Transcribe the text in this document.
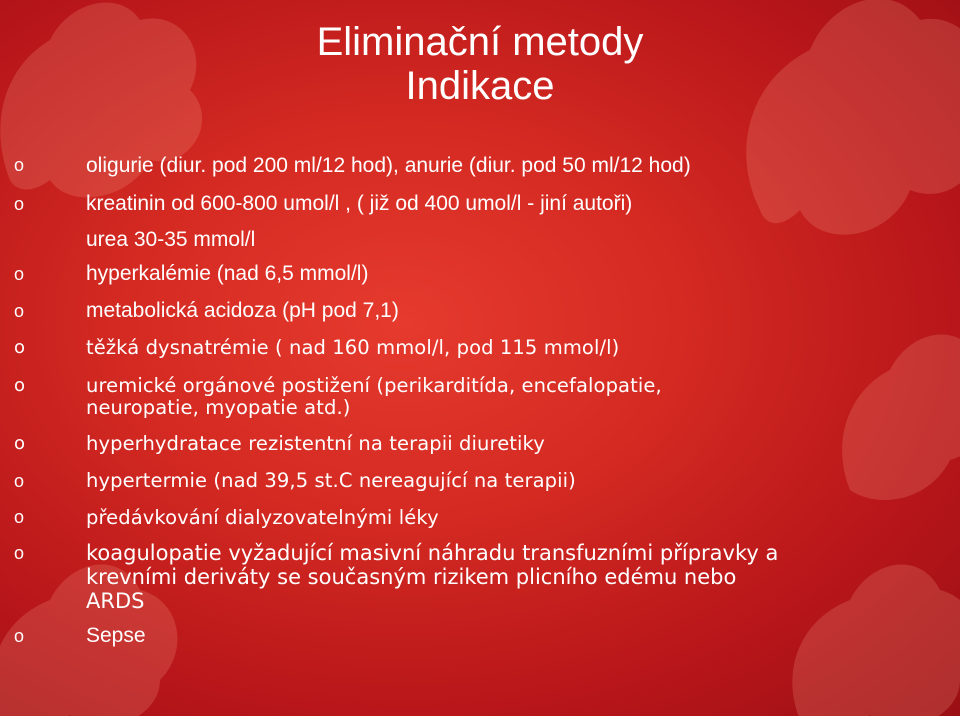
Eliminační metody
Indikace
o
o
o
o
o
o
o
o
o
o
o
oligurie (diur. pod 200 ml/12 hod), anurie (diur. pod 50 ml/12 hod)
kreatinin od 600-800 umol/l , ( již od 400 umol/l - jiní autoři)
urea 30-35 mmol/l
hyperkalémie (nad 6,5 mmol/l)
metabolická acidoza (pH pod 7,1)
těžká dysnatrémie ( nad 160 mmol/l, pod 115 mmol/l)
uremické orgánové postižení (perikarditída, encefalopatie,
neuropatie, myopatie atd.)
hyperhydratace rezistentní na terapii diuretiky
hypertermie (nad 39,5 st.C nereagující na terapii)
předávkování dialyzovatelnými léky
koagulopatie vyžadující masivní náhradu transfuzními přípravky a
krevními deriváty se současným rizikem plicního edému nebo
ARDS
Sepse
